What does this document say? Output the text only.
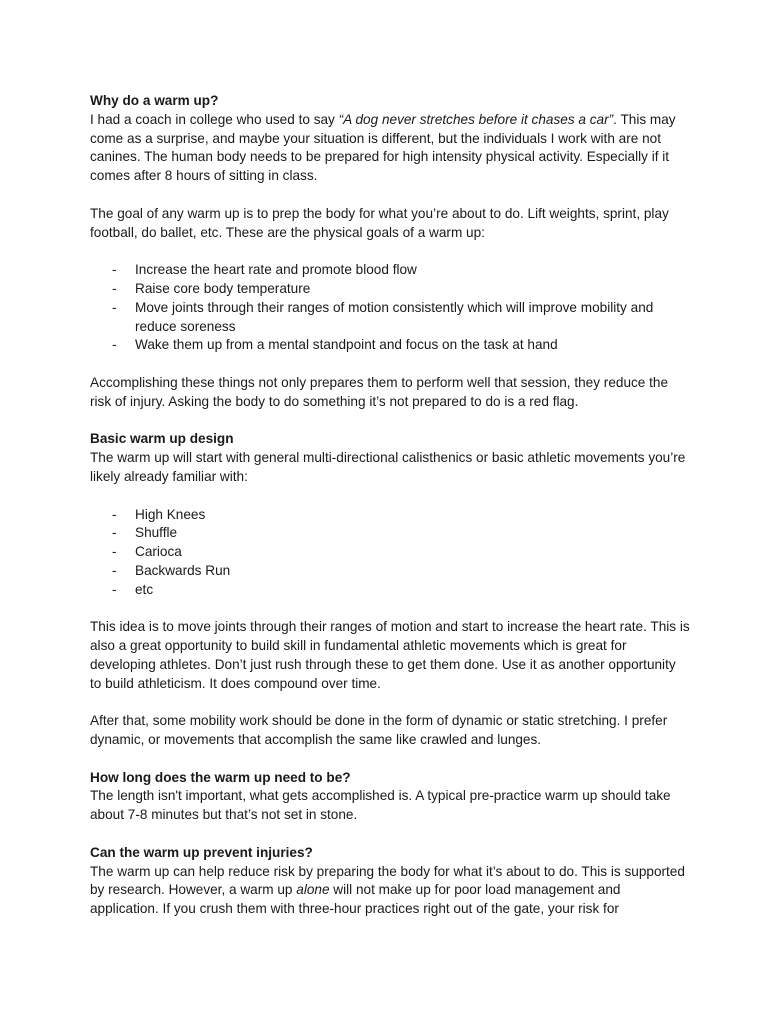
Why do a warm up?

I had a coach in college who used to say “A dog never stretches before it chases a car”. This may come as a surprise, and maybe your situation is different, but the individuals I work with are not canines. The human body needs to be prepared for high intensity physical activity. Especially if it comes after 8 hours of sitting in class.

The goal of any warm up is to prep the body for what you’re about to do. Lift weights, sprint, play football, do ballet, etc. These are the physical goals of a warm up:

- Increase the heart rate and promote blood flow
- Raise core body temperature
- Move joints through their ranges of motion consistently which will improve mobility and reduce soreness
- Wake them up from a mental standpoint and focus on the task at hand

Accomplishing these things not only prepares them to perform well that session, they reduce the risk of injury. Asking the body to do something it’s not prepared to do is a red flag.

Basic warm up design

The warm up will start with general multi-directional calisthenics or basic athletic movements you’re likely already familiar with:

- High Knees
- Shuffle
- Carioca
- Backwards Run
- etc

This idea is to move joints through their ranges of motion and start to increase the heart rate. This is also a great opportunity to build skill in fundamental athletic movements which is great for developing athletes. Don’t just rush through these to get them done. Use it as another opportunity to build athleticism. It does compound over time.

After that, some mobility work should be done in the form of dynamic or static stretching. I prefer dynamic, or movements that accomplish the same like crawled and lunges.

How long does the warm up need to be?

The length isn't important, what gets accomplished is. A typical pre-practice warm up should take about 7-8 minutes but that’s not set in stone.

Can the warm up prevent injuries?

The warm up can help reduce risk by preparing the body for what it’s about to do. This is supported by research. However, a warm up alone will not make up for poor load management and application. If you crush them with three-hour practices right out of the gate, your risk for
